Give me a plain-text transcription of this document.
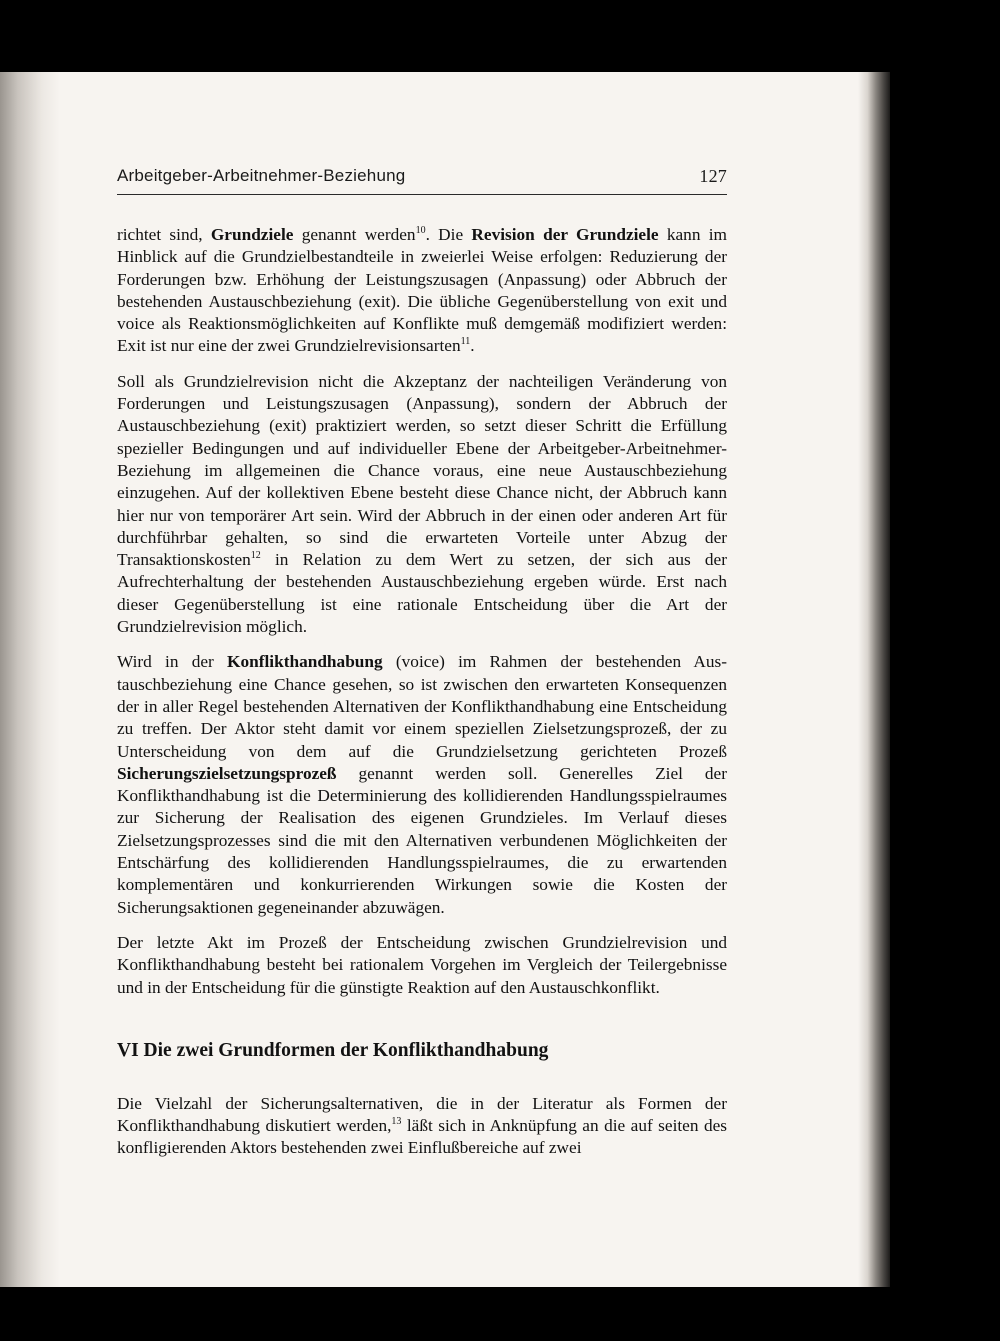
Arbeitgeber-Arbeitnehmer-Beziehung	127

richtet sind, Grundziele genannt werden$^{10}$. Die Revision der Grundziele kann im Hinblick auf die Grundzielbestandteile in zweierlei Weise erfolgen: Reduzierung der Forderungen bzw. Erhöhung der Leistungszusagen (Anpassung) oder Abbruch der bestehenden Austauschbeziehung (exit). Die übliche Gegenüberstellung von exit und voice als Reaktionsmöglichkeiten auf Konflikte muß demgemäß modifiziert werden: Exit ist nur eine der zwei Grundzielrevisionsarten$^{11}$.

Soll als Grundzielrevision nicht die Akzeptanz der nachteiligen Veränderung von Forderungen und Leistungszusagen (Anpassung), sondern der Abbruch der Austauschbeziehung (exit) praktiziert werden, so setzt dieser Schritt die Erfüllung spezieller Bedingungen und auf individueller Ebene der Arbeitgeber-Arbeitnehmer-Beziehung im allgemeinen die Chance voraus, eine neue Austauschbeziehung einzugehen. Auf der kollektiven Ebene besteht diese Chance nicht, der Abbruch kann hier nur von temporärer Art sein. Wird der Abbruch in der einen oder anderen Art für durchführbar gehalten, so sind die erwarteten Vorteile unter Abzug der Transaktionskosten$^{12}$ in Relation zu dem Wert zu setzen, der sich aus der Aufrechterhaltung der bestehenden Austauschbeziehung ergeben würde. Erst nach dieser Gegenüberstellung ist eine rationale Entscheidung über die Art der Grundzielrevision möglich.

Wird in der Konflikthandhabung (voice) im Rahmen der bestehenden Austauschbeziehung eine Chance gesehen, so ist zwischen den erwarteten Konsequenzen der in aller Regel bestehenden Alternativen der Konflikthandhabung eine Entscheidung zu treffen. Der Aktor steht damit vor einem speziellen Zielsetzungsprozeß, der zu Unterscheidung von dem auf die Grundzielsetzung gerichteten Prozeß Sicherungszielsetzungsprozeß genannt werden soll. Generelles Ziel der Konflikthandhabung ist die Determinierung des kollidierenden Handlungsspielraumes zur Sicherung der Realisation des eigenen Grundzieles. Im Verlauf dieses Zielsetzungsprozesses sind die mit den Alternativen verbundenen Möglichkeiten der Entschärfung des kollidierenden Handlungsspielraumes, die zu erwartenden komplementären und konkurrierenden Wirkungen sowie die Kosten der Sicherungsaktionen gegeneinander abzuwägen.

Der letzte Akt im Prozeß der Entscheidung zwischen Grundzielrevision und Konflikthandhabung besteht bei rationalem Vorgehen im Vergleich der Teilergebnisse und in der Entscheidung für die günstigte Reaktion auf den Austauschkonflikt.

VI Die zwei Grundformen der Konflikthandhabung

Die Vielzahl der Sicherungsalternativen, die in der Literatur als Formen der Konflikthandhabung diskutiert werden,$^{13}$ läßt sich in Anknüpfung an die auf seiten des konfligierenden Aktors bestehenden zwei Einflußbereiche auf zwei
